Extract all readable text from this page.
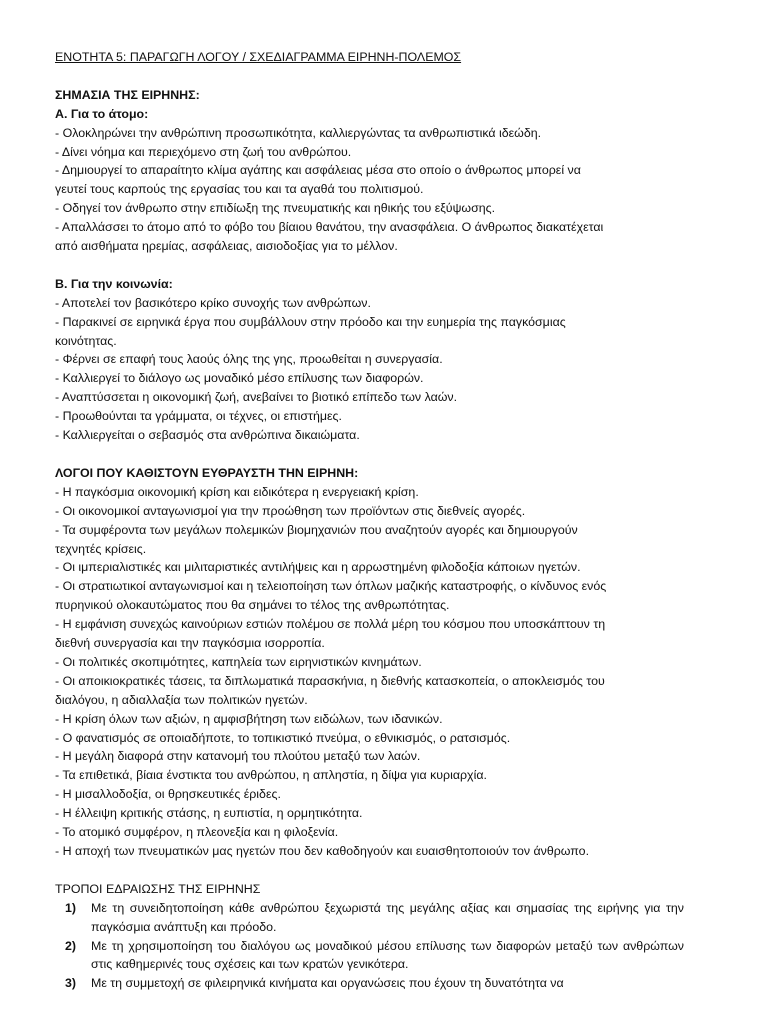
ΕΝΟΤΗΤΑ 5: ΠΑΡΑΓΩΓΗ ΛΟΓΟΥ / ΣΧΕΔΙΑΓΡΑΜΜΑ ΕΙΡΗΝΗ-ΠΟΛΕΜΟΣ

ΣΗΜΑΣΙΑ ΤΗΣ ΕΙΡΗΝΗΣ:

Α. Για το άτομο:

- Ολοκληρώνει την ανθρώπινη προσωπικότητα, καλλιεργώντας τα ανθρωπιστικά ιδεώδη.

- Δίνει νόημα και περιεχόμενο στη ζωή του ανθρώπου.

- Δημιουργεί το απαραίτητο κλίμα αγάπης και ασφάλειας μέσα στο οποίο ο άνθρωπος μπορεί να

γευτεί τους καρπούς της εργασίας του και τα αγαθά του πολιτισμού.

- Οδηγεί τον άνθρωπο στην επιδίωξη της πνευματικής και ηθικής του εξύψωσης.

- Απαλλάσσει το άτομο από το φόβο του βίαιου θανάτου, την ανασφάλεια. Ο άνθρωπος διακατέχεται

από αισθήματα ηρεμίας, ασφάλειας, αισιοδοξίας για το μέλλον.

Β. Για την κοινωνία:

- Αποτελεί τον βασικότερο κρίκο συνοχής των ανθρώπων.

- Παρακινεί σε ειρηνικά έργα που συμβάλλουν στην πρόοδο και την ευημερία της παγκόσμιας

κοινότητας.

- Φέρνει σε επαφή τους λαούς όλης της γης, προωθείται η συνεργασία.

- Καλλιεργεί το διάλογο ως μοναδικό μέσο επίλυσης των διαφορών.

- Αναπτύσσεται η οικονομική ζωή, ανεβαίνει το βιοτικό επίπεδο των λαών.

- Προωθούνται τα γράμματα, οι τέχνες, οι επιστήμες.

- Καλλιεργείται ο σεβασμός στα ανθρώπινα δικαιώματα.

ΛΟΓΟΙ ΠΟΥ ΚΑΘΙΣΤΟΥΝ ΕΥΘΡΑΥΣΤΗ ΤΗΝ ΕΙΡΗΝΗ:

- Η παγκόσμια οικονομική κρίση και ειδικότερα η ενεργειακή κρίση.

- Οι οικονομικοί ανταγωνισμοί για την προώθηση των προϊόντων στις διεθνείς αγορές.

- Τα συμφέροντα των μεγάλων πολεμικών βιομηχανιών που αναζητούν αγορές και δημιουργούν

τεχνητές κρίσεις.

- Οι ιμπεριαλιστικές και μιλιταριστικές αντιλήψεις και η αρρωστημένη φιλοδοξία κάποιων ηγετών.

- Οι στρατιωτικοί ανταγωνισμοί και η τελειοποίηση των όπλων μαζικής καταστροφής, ο κίνδυνος ενός

πυρηνικού ολοκαυτώματος που θα σημάνει το τέλος της ανθρωπότητας.

- Η εμφάνιση συνεχώς καινούριων εστιών πολέμου σε πολλά μέρη του κόσμου που υποσκάπτουν τη

διεθνή συνεργασία και την παγκόσμια ισορροπία.

- Οι πολιτικές σκοπιμότητες, καπηλεία των ειρηνιστικών κινημάτων.

- Οι αποικιοκρατικές τάσεις, τα διπλωματικά παρασκήνια, η διεθνής κατασκοπεία, ο αποκλεισμός του

διαλόγου, η αδιαλλαξία των πολιτικών ηγετών.

- Η κρίση όλων των αξιών, η αμφισβήτηση των ειδώλων, των ιδανικών.

- Ο φανατισμός σε οποιαδήποτε, το τοπικιστικό πνεύμα, ο εθνικισμός, ο ρατσισμός.

- Η μεγάλη διαφορά στην κατανομή του πλούτου μεταξύ των λαών.

- Τα επιθετικά, βίαια ένστικτα του ανθρώπου, η απληστία, η δίψα για κυριαρχία.

- Η μισαλλοδοξία, οι θρησκευτικές έριδες.

- Η έλλειψη κριτικής στάσης, η ευπιστία, η ορμητικότητα.

- Το ατομικό συμφέρον, η πλεονεξία και η φιλοξενία.

- Η αποχή των πνευματικών μας ηγετών που δεν καθοδηγούν και ευαισθητοποιούν τον άνθρωπο.

ΤΡΟΠΟΙ ΕΔΡΑΙΩΣΗΣ ΤΗΣ ΕΙΡΗΝΗΣ

1) Με τη συνειδητοποίηση κάθε ανθρώπου ξεχωριστά της μεγάλης αξίας και σημασίας της ειρήνης για την παγκόσμια ανάπτυξη και πρόοδο.
2) Με τη χρησιμοποίηση του διαλόγου ως μοναδικού μέσου επίλυσης των διαφορών μεταξύ των ανθρώπων στις καθημερινές τους σχέσεις και των κρατών γενικότερα.
3) Με τη συμμετοχή σε φιλειρηνικά κινήματα και οργανώσεις που έχουν τη δυνατότητα να
